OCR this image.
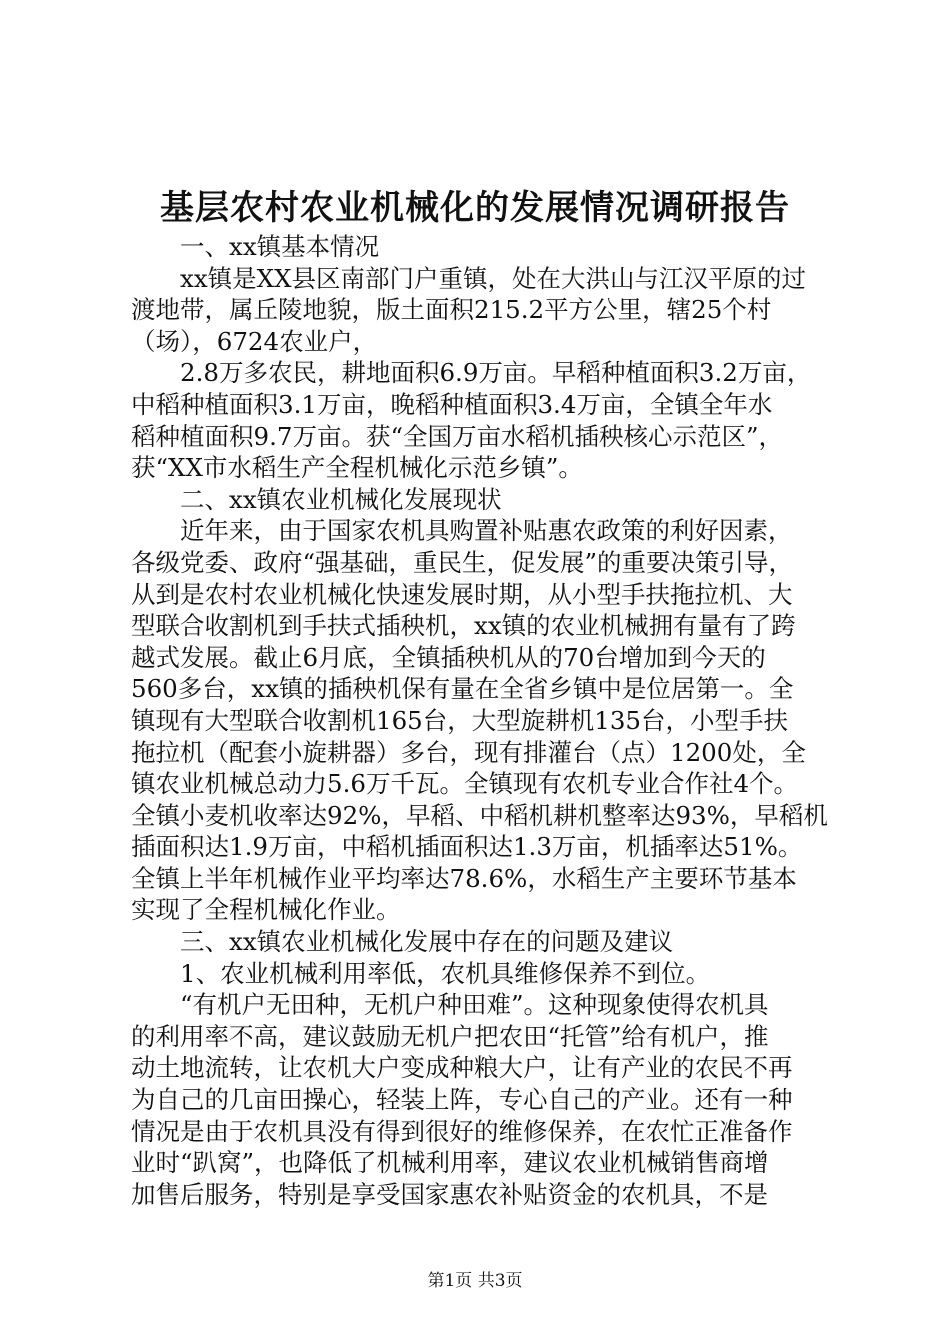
基层农村农业机械化的发展情况调研报告
　　一、xx镇基本情况
　　xx镇是XX县区南部门户重镇，处在大洪山与江汉平原的过
渡地带，属丘陵地貌，版土面积215.2平方公里，辖25个村
（场），6724农业户，
　　2.8万多农民，耕地面积6.9万亩。早稻种植面积3.2万亩，
中稻种植面积3.1万亩，晚稻种植面积3.4万亩，全镇全年水
稻种植面积9.7万亩。获“全国万亩水稻机插秧核心示范区”，
获“XX市水稻生产全程机械化示范乡镇”。
　　二、xx镇农业机械化发展现状
　　近年来，由于国家农机具购置补贴惠农政策的利好因素，
各级党委、政府“强基础，重民生，促发展”的重要决策引导，
从到是农村农业机械化快速发展时期，从小型手扶拖拉机、大
型联合收割机到手扶式插秧机，xx镇的农业机械拥有量有了跨
越式发展。截止6月底，全镇插秧机从的70台增加到今天的
560多台，xx镇的插秧机保有量在全省乡镇中是位居第一。全
镇现有大型联合收割机165台，大型旋耕机135台，小型手扶
拖拉机（配套小旋耕器）多台，现有排灌台（点）1200处，全
镇农业机械总动力5.6万千瓦。全镇现有农机专业合作社4个。
全镇小麦机收率达92%，早稻、中稻机耕机整率达93%，早稻机
插面积达1.9万亩，中稻机插面积达1.3万亩，机插率达51%。
全镇上半年机械作业平均率达78.6%，水稻生产主要环节基本
实现了全程机械化作业。
　　三、xx镇农业机械化发展中存在的问题及建议
　　1、农业机械利用率低，农机具维修保养不到位。
　　“有机户无田种，无机户种田难”。这种现象使得农机具
的利用率不高，建议鼓励无机户把农田“托管”给有机户，推
动土地流转，让农机大户变成种粮大户，让有产业的农民不再
为自己的几亩田操心，轻装上阵，专心自己的产业。还有一种
情况是由于农机具没有得到很好的维修保养，在农忙正准备作
业时“趴窝”，也降低了机械利用率，建议农业机械销售商增
加售后服务，特别是享受国家惠农补贴资金的农机具，不是
第1页 共3页
